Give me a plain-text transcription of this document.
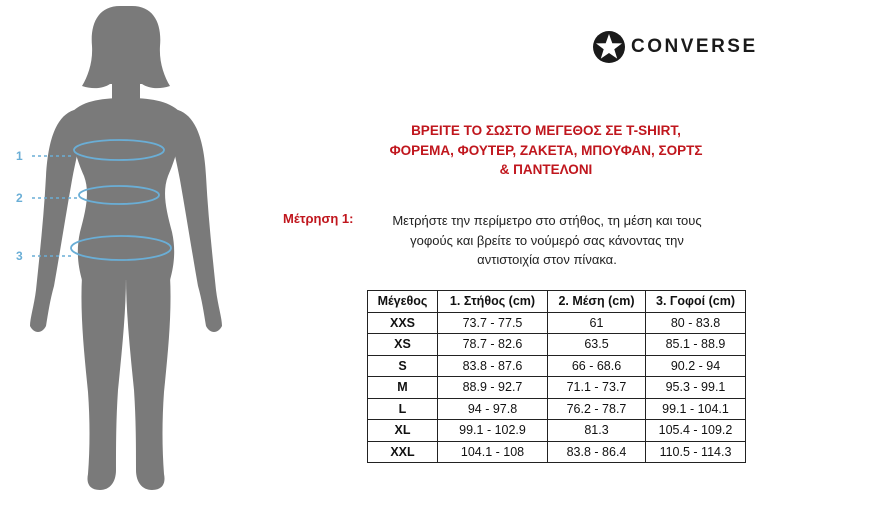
1
2
3
CONVERSE
ΒΡΕΙΤΕ ΤΟ ΣΩΣΤΟ ΜΕΓΕΘΟΣ ΣΕ T-SHIRT,
ΦΟΡΕΜΑ, ΦΟΥΤΕΡ, ΖΑΚΕΤΑ, ΜΠΟΥΦΑΝ, ΣΟΡΤΣ
& ΠΑΝΤΕΛΟΝΙ
Μέτρηση 1:	Μετρήστε την περίμετρο στο στήθος, τη μέση και τους
γοφούς και βρείτε το νούμερό σας κάνοντας την
αντιστοιχία στον πίνακα.
Μέγεθος	1. Στήθος (cm)	2. Μέση (cm)	3. Γοφοί (cm)
XXS	73.7 - 77.5	61	80 - 83.8
XS	78.7 - 82.6	63.5	85.1 - 88.9
S	83.8 - 87.6	66 - 68.6	90.2 - 94
M	88.9 - 92.7	71.1 - 73.7	95.3 - 99.1
L	94 - 97.8	76.2 - 78.7	99.1 - 104.1
XL	99.1 - 102.9	81.3	105.4 - 109.2
XXL	104.1 - 108	83.8 - 86.4	110.5 - 114.3
